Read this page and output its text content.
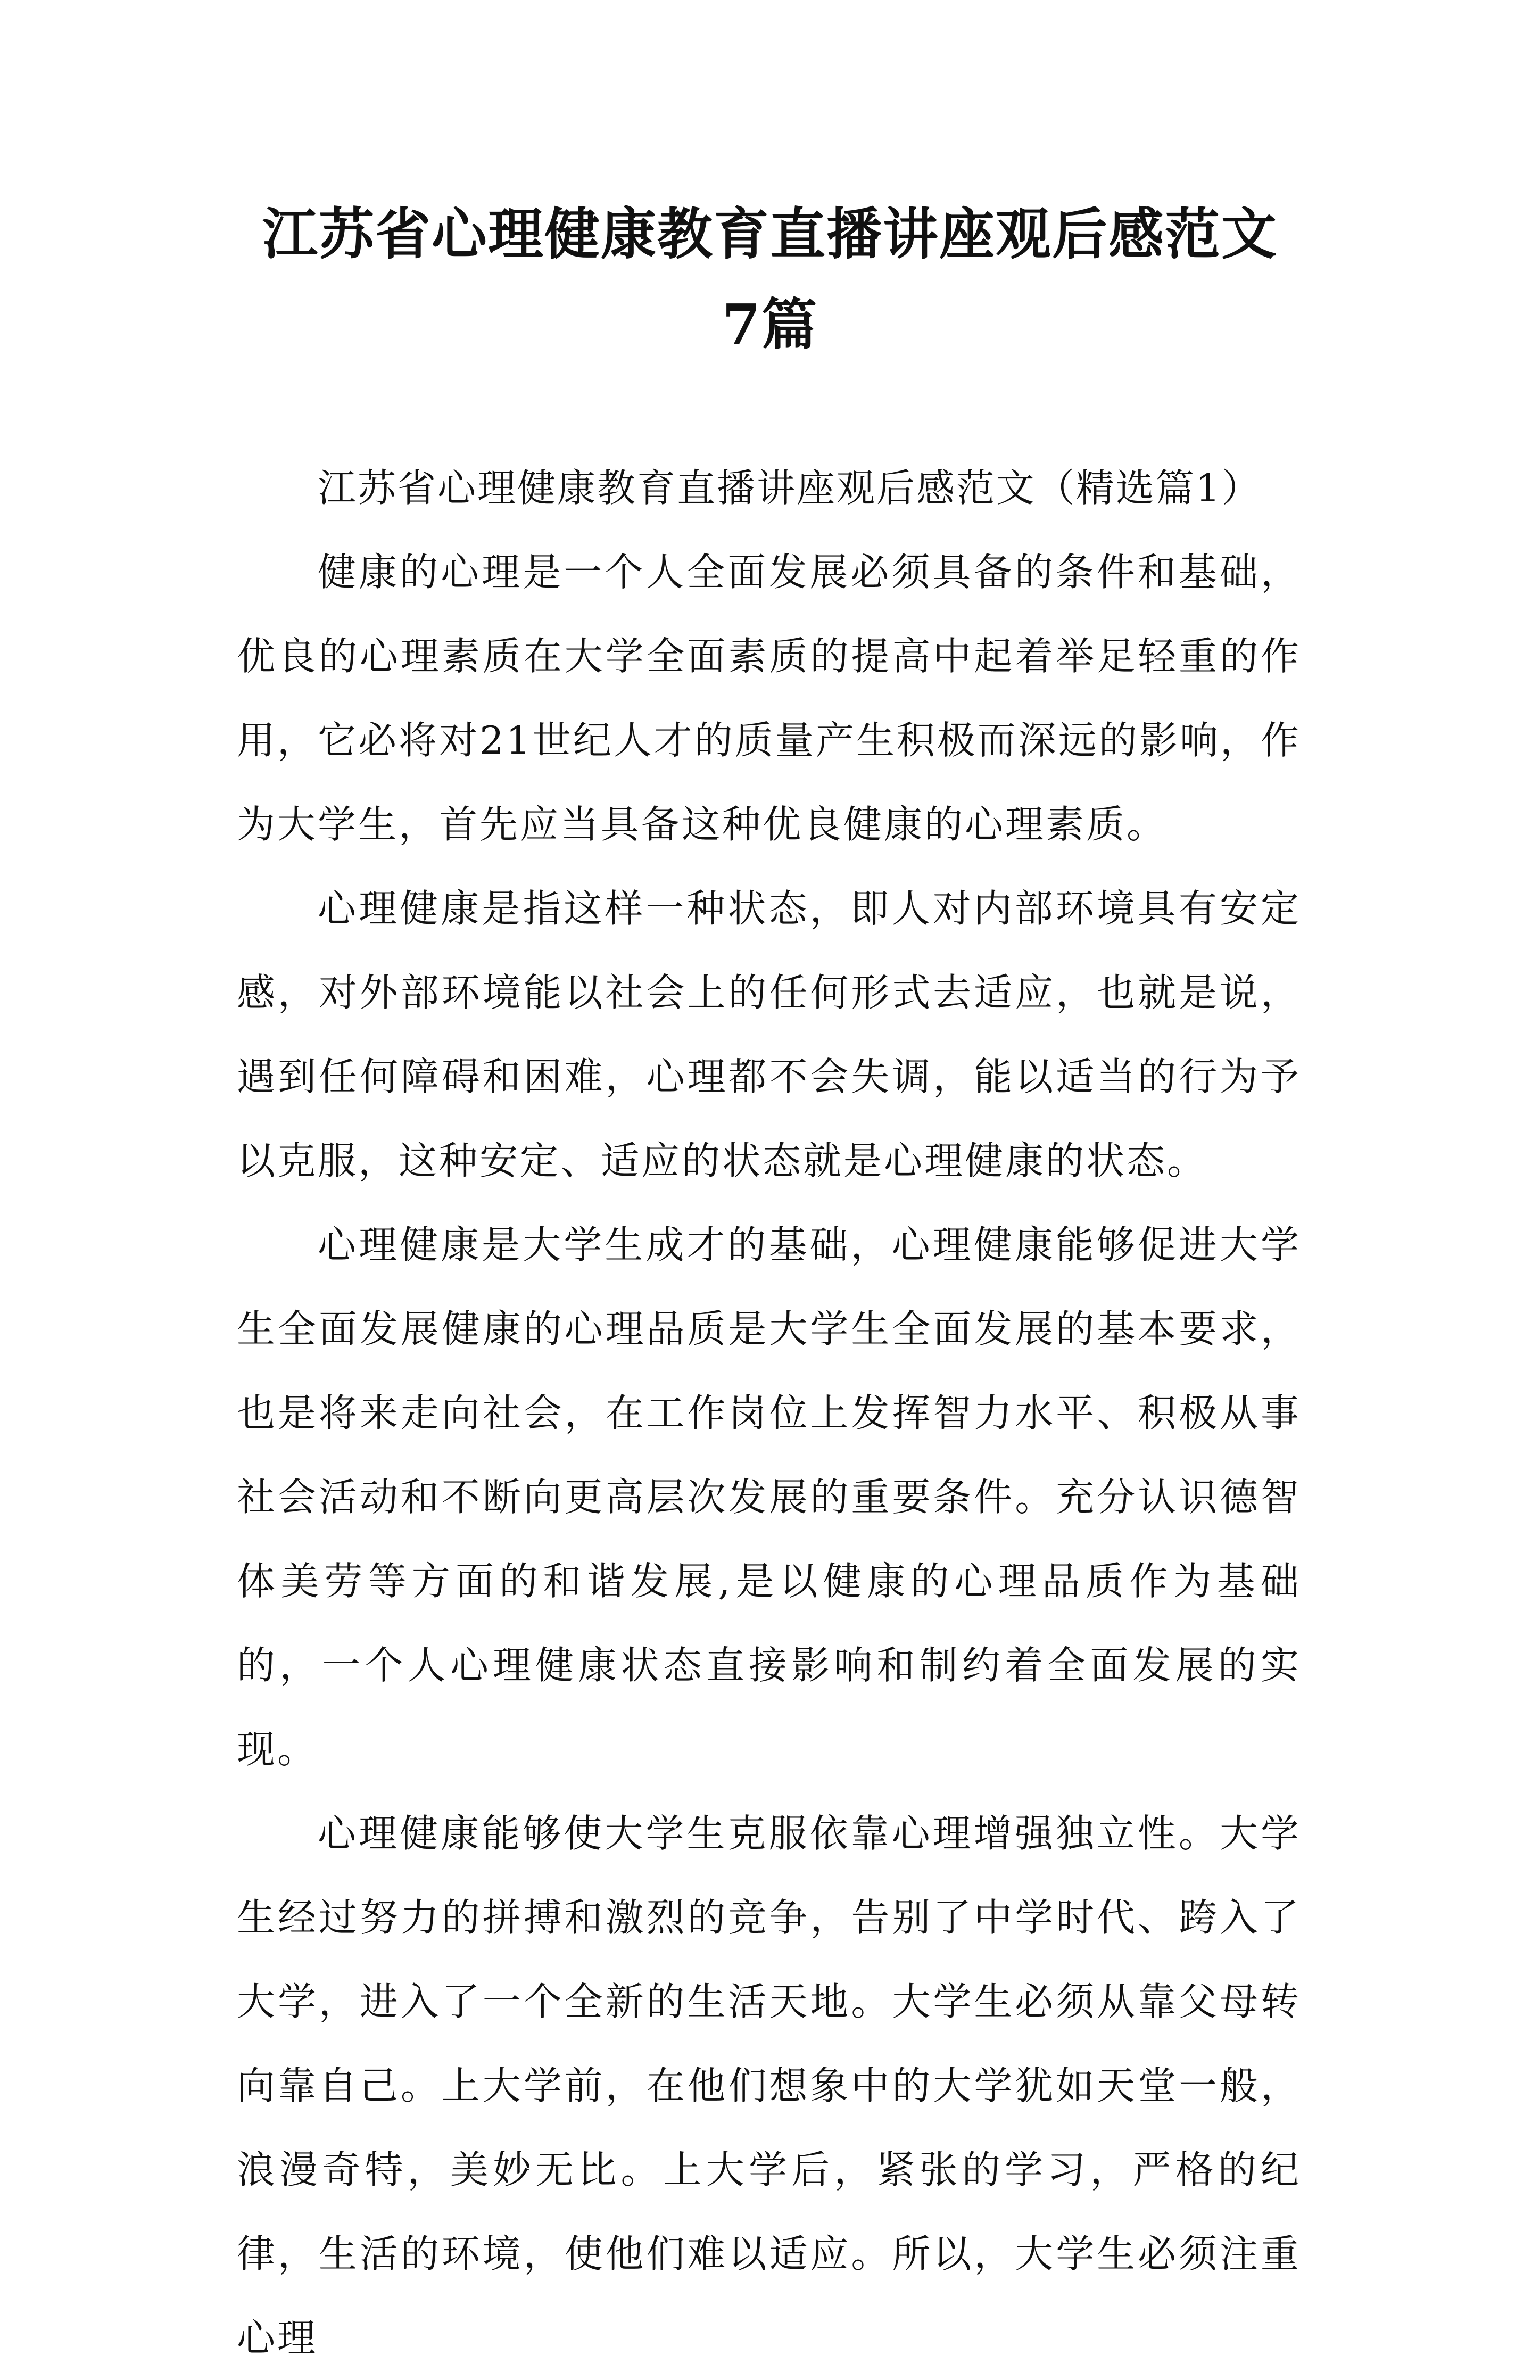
江苏省心理健康教育直播讲座观后感范文
7篇

江苏省心理健康教育直播讲座观后感范文（精选篇1）

健康的心理是一个人全面发展必须具备的条件和基础，优良的心理素质在大学全面素质的提高中起着举足轻重的作用，它必将对21世纪人才的质量产生积极而深远的影响，作为大学生，首先应当具备这种优良健康的心理素质。

心理健康是指这样一种状态，即人对内部环境具有安定感，对外部环境能以社会上的任何形式去适应，也就是说，遇到任何障碍和困难，心理都不会失调，能以适当的行为予以克服，这种安定、适应的状态就是心理健康的状态。

心理健康是大学生成才的基础，心理健康能够促进大学生全面发展健康的心理品质是大学生全面发展的基本要求，也是将来走向社会，在工作岗位上发挥智力水平、积极从事社会活动和不断向更高层次发展的重要条件。充分认识德智体美劳等方面的和谐发展,是以健康的心理品质作为基础的，一个人心理健康状态直接影响和制约着全面发展的实现。

心理健康能够使大学生克服依靠心理增强独立性。大学生经过努力的拼搏和激烈的竞争，告别了中学时代、跨入了大学，进入了一个全新的生活天地。大学生必须从靠父母转向靠自己。上大学前，在他们想象中的大学犹如天堂一般，浪漫奇特，美妙无比。上大学后，紧张的学习，严格的纪律，生活的环境，使他们难以适应。所以，大学生必须注重心理
